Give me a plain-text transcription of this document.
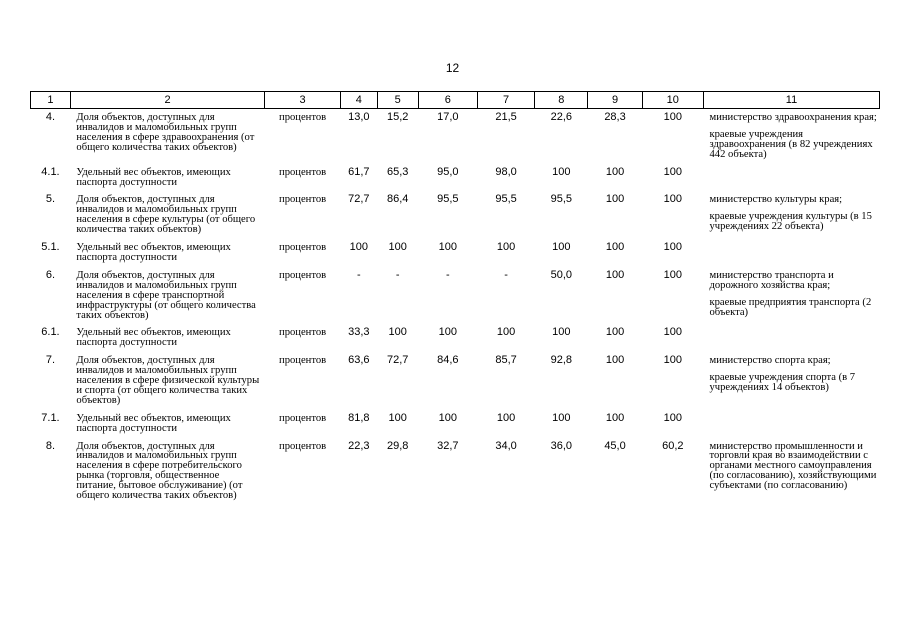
12
1	2	3	4	5	6	7	8	9	10	11
4.	Доля объектов, доступных для инвалидов и маломобильных групп населения в сфере здравоохранения (от общего количества таких объектов)	процентов	13,0	15,2	17,0	21,5	22,6	28,3	100	министерство здравоохранения края;
краевые учреждения здравоохранения (в 82 учреждениях 442 объекта)

4.1.	Удельный вес объектов, имеющих паспорта доступности	процентов	61,7	65,3	95,0	98,0	100	100	100	
5.	Доля объектов, доступных для инвалидов и маломобильных групп населения в сфере культуры (от общего количества таких объектов)	процентов	72,7	86,4	95,5	95,5	95,5	100	100	министерство культуры края;
краевые учреждения культуры (в 15 учреждениях 22 объекта)

5.1.	Удельный вес объектов, имеющих паспорта доступности	процентов	100	100	100	100	100	100	100	
6.	Доля объектов, доступных для инвалидов и маломобильных групп населения в сфере транспортной инфраструктуры (от общего количества таких объектов)	процентов	-	-	-	-	50,0	100	100	министерство транспорта и дорожного хозяйства края;
краевые предприятия транспорта (2 объекта)

6.1.	Удельный вес объектов, имеющих паспорта доступности	процентов	33,3	100	100	100	100	100	100	
7.	Доля объектов, доступных для инвалидов и маломобильных групп населения в сфере физической культуры и спорта (от общего количества таких объектов)	процентов	63,6	72,7	84,6	85,7	92,8	100	100	министерство спорта края;
краевые учреждения спорта (в 7 учреждениях 14 объектов)

7.1.	Удельный вес объектов, имеющих паспорта доступности	процентов	81,8	100	100	100	100	100	100	
8.	Доля объектов, доступных для инвалидов и маломобильных групп населения в сфере потребительского рынка (торговля, общественное питание, бытовое обслуживание) (от общего количества таких объектов)	процентов	22,3	29,8	32,7	34,0	36,0	45,0	60,2	министерство промышленности и торговли края во взаимодействии с органами местного самоуправления (по согласованию), хозяйствующими субъектами (по согласованию)
